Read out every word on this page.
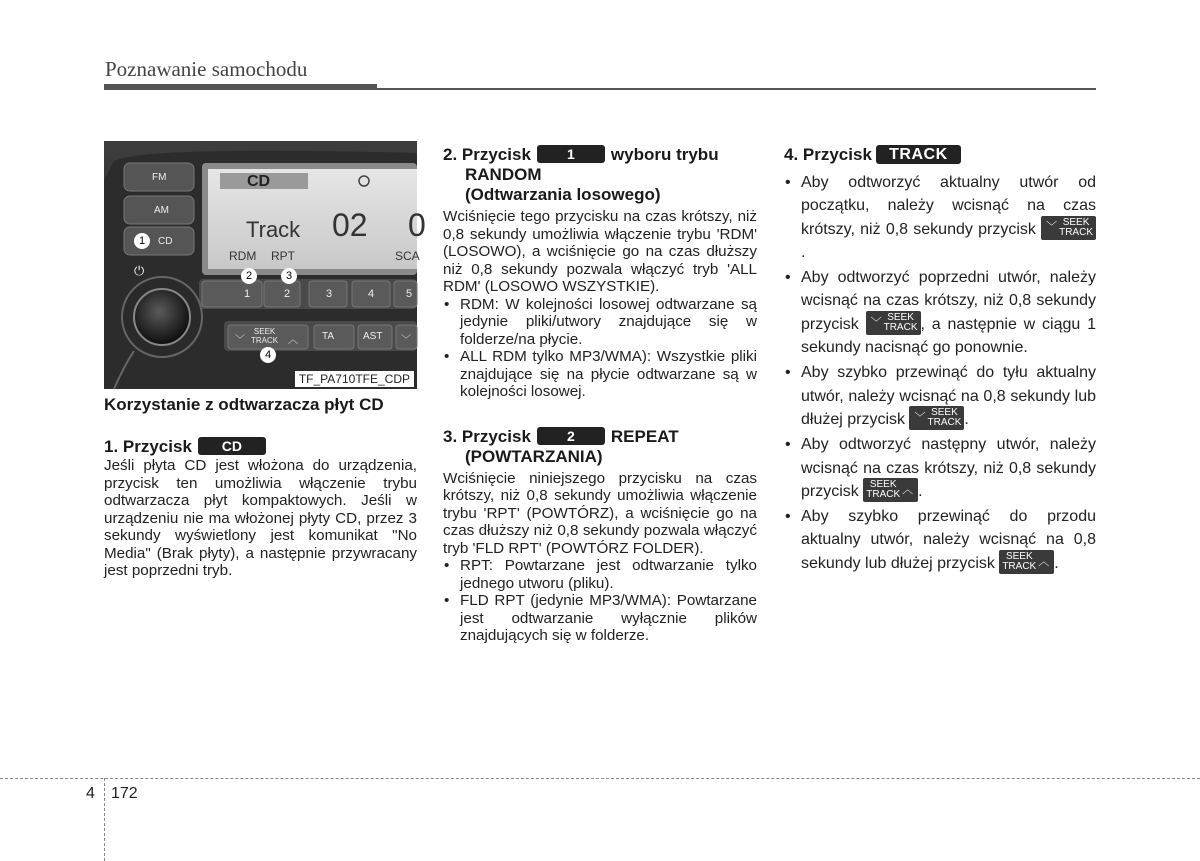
Poznawanie samochodu
FM
AM
CD
⏻
CD
Track 02 0
RDM RPT	SCA
1	2	3	4	5
﹀
SEEK
TRACK ︿ TA	AST ﹀
1
2	3
4
TF_PA710TFE_CDP
Korzystanie z odtwarzacza płyt CD
1. Przycisk CD
Jeśli płyta CD jest włożona do urządzenia, przycisk ten umożliwia włączenie trybu odtwarzacza płyt kompaktowych. Jeśli w urządzeniu nie ma włożonej płyty CD, przez 3 sekundy wyświetlony jest komunikat "No Media" (Brak płyty), a następnie przywracany jest poprzedni tryb.
2. Przycisk	1 wyboru trybu
RANDOM
(Odtwarzania losowego)
Wciśnięcie tego przycisku na czas krótszy, niż 0,8 sekundy umożliwia włączenie trybu 'RDM' (LOSOWO), a wciśnięcie go na czas dłuższy niż 0,8 sekundy pozwala włączyć tryb 'ALL RDM' (LOSOWO WSZYSTKIE).
• RDM: W kolejności losowej odtwarzane są jedynie pliki/utwory znajdujące się w folderze/na płycie.
• ALL RDM tylko MP3/WMA): Wszystkie pliki znajdujące się na płycie odtwarzane są w kolejności losowej.
3. Przycisk	2 REPEAT
(POWTARZANIA)
Wciśnięcie niniejszego przycisku na czas krótszy, niż 0,8 sekundy umożliwia włączenie trybu 'RPT' (POWTÓRZ), a wciśnięcie go na czas dłuższy niż 0,8 sekundy pozwala włączyć tryb 'FLD RPT' (POWTÓRZ FOLDER).
• RPT: Powtarzane jest odtwarzanie tylko jednego utworu (pliku).
• FLD RPT (jedynie MP3/WMA): Powtarzane jest odtwarzanie wyłącznie plików znajdujących się w folderze.
4. Przycisk TRACK
• Aby odtworzyć aktualny utwór od początku, należy wcisnąć na czas krótszy, niż 0,8 sekundy przycisk ﹀ SEEK
TRACK
.
• Aby odtworzyć poprzedni utwór, należy wcisnąć na czas krótszy, niż 0,8 sekundy przycisk ﹀ SEEK
TRACK , a następnie w ciągu 1 sekundy nacisnąć go ponownie.
• Aby szybko przewinąć do tyłu aktualny utwór, należy wcisnąć na 0,8 sekundy lub dłużej przycisk ﹀ SEEK
TRACK .
• Aby odtworzyć następny utwór, należy wcisnąć na czas krótszy, niż 0,8 sekundy przycisk	SEEK
TRACK ︿ .
• Aby szybko przewinąć do przodu aktualny utwór, należy wcisnąć na 0,8 sekundy lub dłużej przycisk	SEEK
TRACK ︿ .
4 172
